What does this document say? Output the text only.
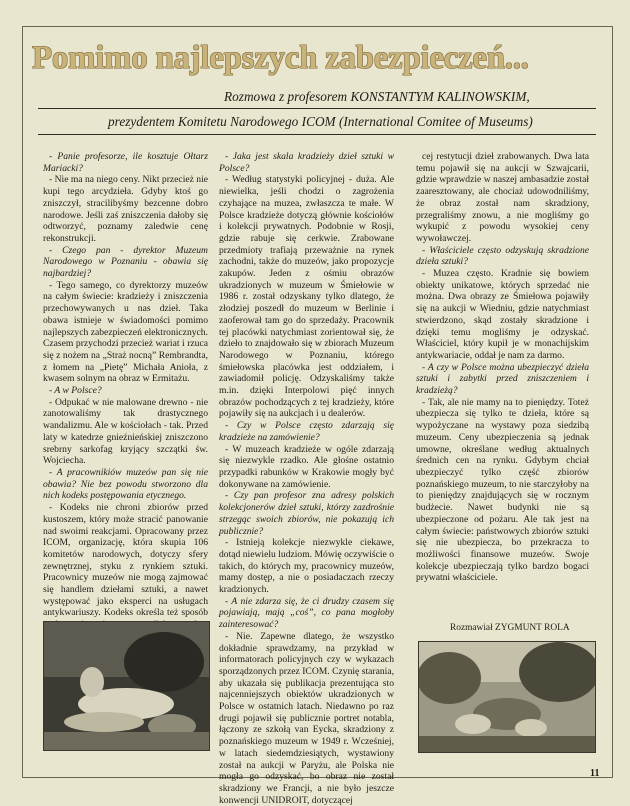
Pomimo najlepszych zabezpieczeń...
Rozmowa z profesorem KONSTANTYM KALINOWSKIM,
prezydentem Komitetu Narodowego ICOM (International Comitee of Museums)

- Panie profesorze, ile kosztuje Ołtarz Mariacki?

- Nie ma na niego ceny. Nikt przecież nie kupi tego arcydzieła. Gdyby ktoś go zniszczył, stracilibyśmy bezcenne dobro narodowe. Jeśli zaś zniszczenia dałoby się odtworzyć, poznamy zaledwie cenę rekonstrukcji.

- Czego pan - dyrektor Muzeum Narodowego w Poznaniu - obawia się najbardziej?

- Tego samego, co dyrektorzy muzeów na całym świecie: kradzieży i zniszczenia przechowywanych u nas dzieł. Taka obawa istnieje w świadomości pomimo najlepszych zabezpieczeń elektronicznych. Czasem przychodzi przecież wariat i rzuca się z nożem na „Straż nocną” Rembrandta, z łomem na „Pietę” Michała Anioła, z kwasem solnym na obraz w Ermitażu.

- A w Polsce?

- Odpukać w nie malowane drewno - nie zanotowaliśmy tak drastycznego wandalizmu. Ale w kościołach - tak. Przed laty w katedrze gnieźnieńskiej zniszczono srebrny sarkofag kryjący szczątki św. Wojciecha.

- A pracownikiów muzeów pan się nie obawia? Nie bez powodu stworzono dla nich kodeks postępowania etycznego.

- Kodeks nie chroni zbiorów przed kustoszem, który może stracić panowanie nad swoimi reakcjami. Opracowany przez ICOM, organizację, która skupia 106 komitetów narodowych, dotyczy sfery zewnętrznej, styku z rynkiem sztuki. Pracownicy muzeów nie mogą zajmować się handlem dziełami sztuki, a nawet występować jako eksperci na usługach antykwariuszy. Kodeks określa też sposób

- Jaka jest skala kradzieży dzieł sztuki w Polsce?

- Według statystyki policyjnej - duża. Ale niewielka, jeśli chodzi o zagrożenia czyhające na muzea, zwłaszcza te małe. W Polsce kradzieże dotyczą głównie kościołów i kolekcji prywatnych. Podobnie w Rosji, gdzie rabuje się cerkwie. Zrabowane przedmioty trafiają przeważnie na rynek zachodni, także do muzeów, jako propozycje zakupów. Jeden z ośmiu obrazów ukradzionych w muzeum w Śmiełowie w 1986 r. został odzyskany tylko dlatego, że złodziej poszedł do muzeum w Berlinie i zaoferował tam go do sprzedaży. Pracownik tej placówki natychmiast zorientował się, że dzieło to znajdowało się w zbiorach Muzeum Narodowego w Poznaniu, którego śmiełowska placówka jest oddziałem, i zawiadomił policję. Odzyskaliśmy także m.in. dzięki Interpolowi pięć innych obrazów pochodzących z tej kradzieży, które pojawiły się na aukcjach i u dealerów.

- Czy w Polsce często zdarzają się kradzieże na zamówienie?

- W muzeach kradzieże w ogóle zdarzają się niezwykle rzadko. Ale głośne ostatnio przypadki rabunków w Krakowie mogły być dokonywane na zamówienie.

- Czy pan profesor zna adresy polskich kolekcjonerów dzieł sztuki, którzy zazdrośnie strzegąc swoich zbiorów, nie pokazują ich publicznie?

- Istnieją kolekcje niezwykle ciekawe, dotąd niewielu ludziom. Mówię oczywiście o takich, do których my, pracownicy muzeów, mamy dostęp, a nie o posiadaczach rzeczy kradzionych.

- A nie zdarza się, że ci drudzy czasem się pojawiają, mają „coś”, co pana mogłoby zainteresować?

- Nie. Zapewne dlatego, że wszystko dokładnie sprawdzamy, na przykład w informatorach policyjnych czy w wykazach sporządzonych przez ICOM. Czynię starania, aby ukazała się publikacja prezentująca sto najcenniejszych obiektów ukradzionych w Polsce w ostatnich latach. Niedawno po raz drugi pojawił się publicznie portret notabla, łączony ze szkołą van Eycka, skradziony z poznańskiego muzeum w 1949 r. Wcześniej, w latach siedemdziesiątych, wystawiony został na aukcji w Paryżu, ale Polska nie mogła go odzyskać, bo obraz nie został skradziony we Francji, a nie było jeszcze konwencji UNIDROIT, dotyczącej

cej restytucji dzieł zrabowanych. Dwa lata temu pojawił się na aukcji w Szwajcarii, gdzie wprawdzie w naszej ambasadzie został zaaresztowany, ale chociaż udowodniliśmy, że obraz został nam skradziony, przegraliśmy znowu, a nie mogliśmy go wykupić z powodu wysokiej ceny wywoławczej.

- Właściciele często odzyskują skradzione dzieła sztuki?

- Muzea często. Kradnie się bowiem obiekty unikatowe, których sprzedać nie można. Dwa obrazy ze Śmiełowa pojawiły się na aukcji w Wiedniu, gdzie natychmiast stwierdzono, skąd zostały skradzione i dzięki temu mogliśmy je odzyskać. Właściciel, który kupił je w monachijskim antykwariacie, oddał je nam za darmo.

- A czy w Polsce można ubezpieczyć dzieła sztuki i zabytki przed zniszczeniem i kradzieżą?

- Tak, ale nie mamy na to pieniędzy. Toteż ubezpiecza się tylko te dzieła, które są wypożyczane na wystawy poza siedzibą muzeum. Ceny ubezpieczenia są jednak umowne, określane według aktualnych średnich cen na rynku. Gdybym chciał ubezpieczyć tylko część zbiorów poznańskiego muzeum, to nie starczyłoby na to pieniędzy znajdujących się w rocznym budżecie. Nawet budynki nie są ubezpieczone od pożaru. Ale tak jest na całym świecie: państwowych zbiorów sztuki się nie ubezpiecza, bo przekracza to możliwości finansowe muzeów. Swoje kolekcje ubezpieczają tylko bardzo bogaci prywatni właściciele.

Rozmawiał ZYGMUNT ROLA
11
